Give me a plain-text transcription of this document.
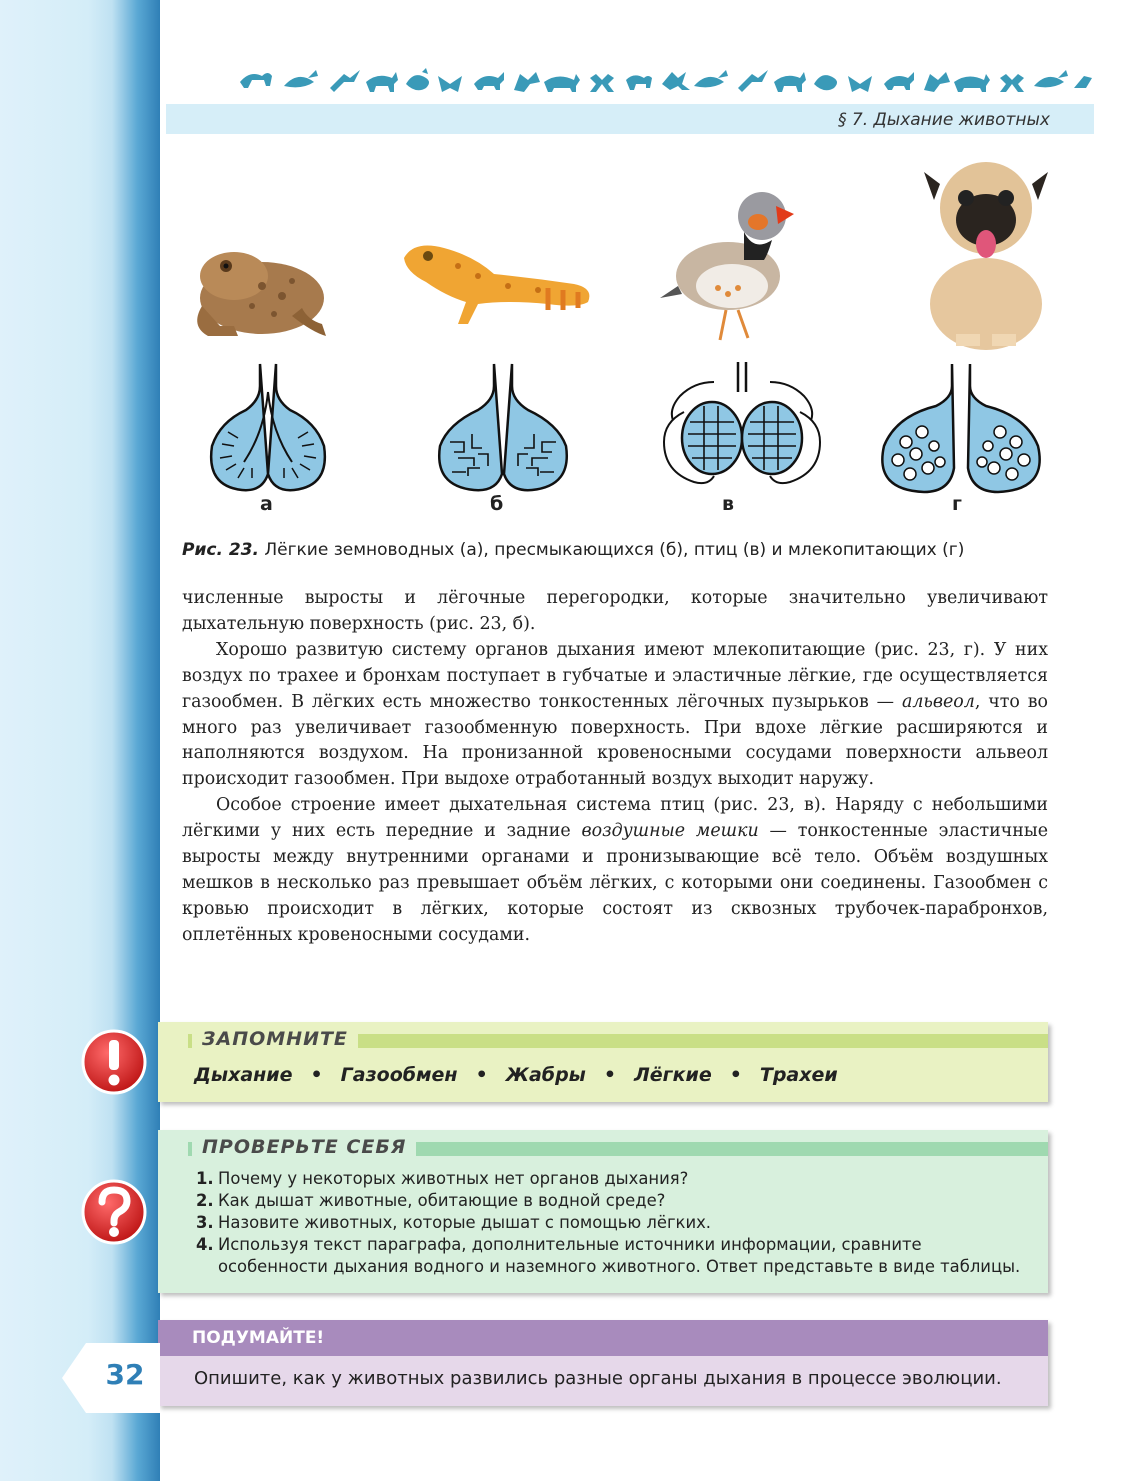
§ 7. Дыхание животных
а	б	в	г
Рис. 23. Лёгкие земноводных (а), пресмыкающихся (б), птиц (в) и млекопитающих (г)

численные выросты и лёгочные перегородки, которые значительно увеличивают дыхательную поверхность (рис. 23, б).

Хорошо развитую систему органов дыхания имеют млекопитающие (рис. 23, г). У них воздух по трахее и бронхам поступает в губчатые и эластичные лёгкие, где осуществляется газообмен. В лёгких есть множество тонкостенных лёгочных пузырьков — альвеол, что во много раз увеличивает газообменную поверхность. При вдохе лёгкие расширяются и наполняются воздухом. На пронизанной кровеносными сосудами поверхности альвеол происходит газообмен. При выдохе отработанный воздух выходит наружу.

Особое строение имеет дыхательная система птиц (рис. 23, в). Наряду с небольшими лёгкими у них есть передние и задние воздушные мешки — тонкостенные эластичные выросты между внутренними органами и пронизывающие всё тело. Объём воздушных мешков в несколько раз превышает объём лёгких, с которыми они соединены. Газообмен с кровью происходит в лёгких, которые состоят из сквозных трубочек-парабронхов, оплетённых кровеносными сосудами.

ЗАПОМНИТЕ
Дыхание • Газообмен • Жабры • Лёгкие • Трахеи
ПРОВЕРЬТЕ СЕБЯ
1. Почему у некоторых животных нет органов дыхания?
2. Как дышат животные, обитающие в водной среде?
3. Назовите животных, которые дышат с помощью лёгких.
4. Используя текст параграфа, дополнительные источники информации, сравните особенности дыхания водного и наземного животного. Ответ представьте в виде таблицы.
ПОДУМАЙТЕ!
Опишите, как у животных развились разные органы дыхания в процессе эволюции.
32
